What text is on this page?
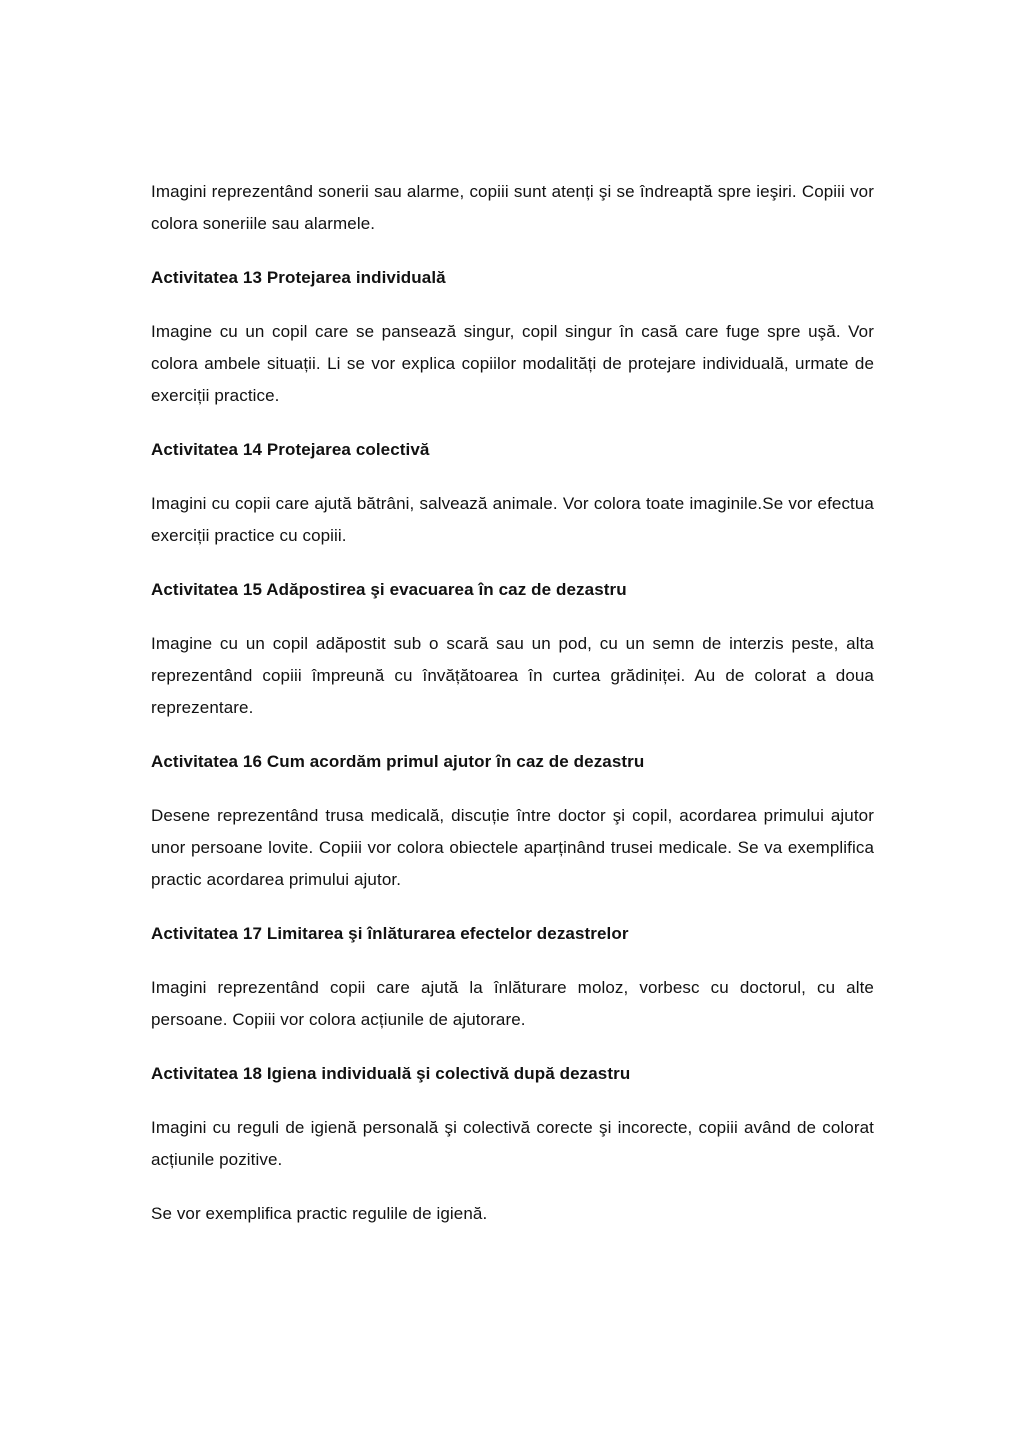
Imagini reprezentând sonerii sau alarme, copiii sunt atenți şi se îndreaptă spre ieşiri. Copiii vor colora soneriile sau alarmele.

Activitatea 13 Protejarea individuală

Imagine cu un copil care se pansează singur, copil singur în casă care fuge spre uşă. Vor colora ambele situații. Li se vor explica copiilor modalități de protejare individuală, urmate de exerciții practice.

Activitatea 14 Protejarea colectivă

Imagini cu copii care ajută bătrâni, salvează animale. Vor colora toate imaginile.Se vor efectua exerciții practice cu copiii.

Activitatea 15 Adăpostirea şi evacuarea în caz de dezastru

Imagine cu un copil adăpostit sub o scară sau un pod, cu un semn de interzis peste, alta reprezentând copiii împreună cu învățătoarea în curtea grădiniței. Au de colorat a doua reprezentare.

Activitatea 16 Cum acordăm primul ajutor în caz de dezastru

Desene reprezentând trusa medicală, discuție între doctor şi copil, acordarea primului ajutor unor persoane lovite. Copiii vor colora obiectele aparținând trusei medicale. Se va exemplifica practic acordarea primului ajutor.

Activitatea 17 Limitarea şi înlăturarea efectelor dezastrelor

Imagini reprezentând copii care ajută la înlăturare moloz, vorbesc cu doctorul, cu alte persoane. Copiii vor colora acțiunile de ajutorare.

Activitatea 18 Igiena individuală şi colectivă după dezastru

Imagini cu reguli de igienă personală şi colectivă corecte şi incorecte, copiii având de colorat acțiunile pozitive.

Se vor exemplifica practic regulile de igienă.
